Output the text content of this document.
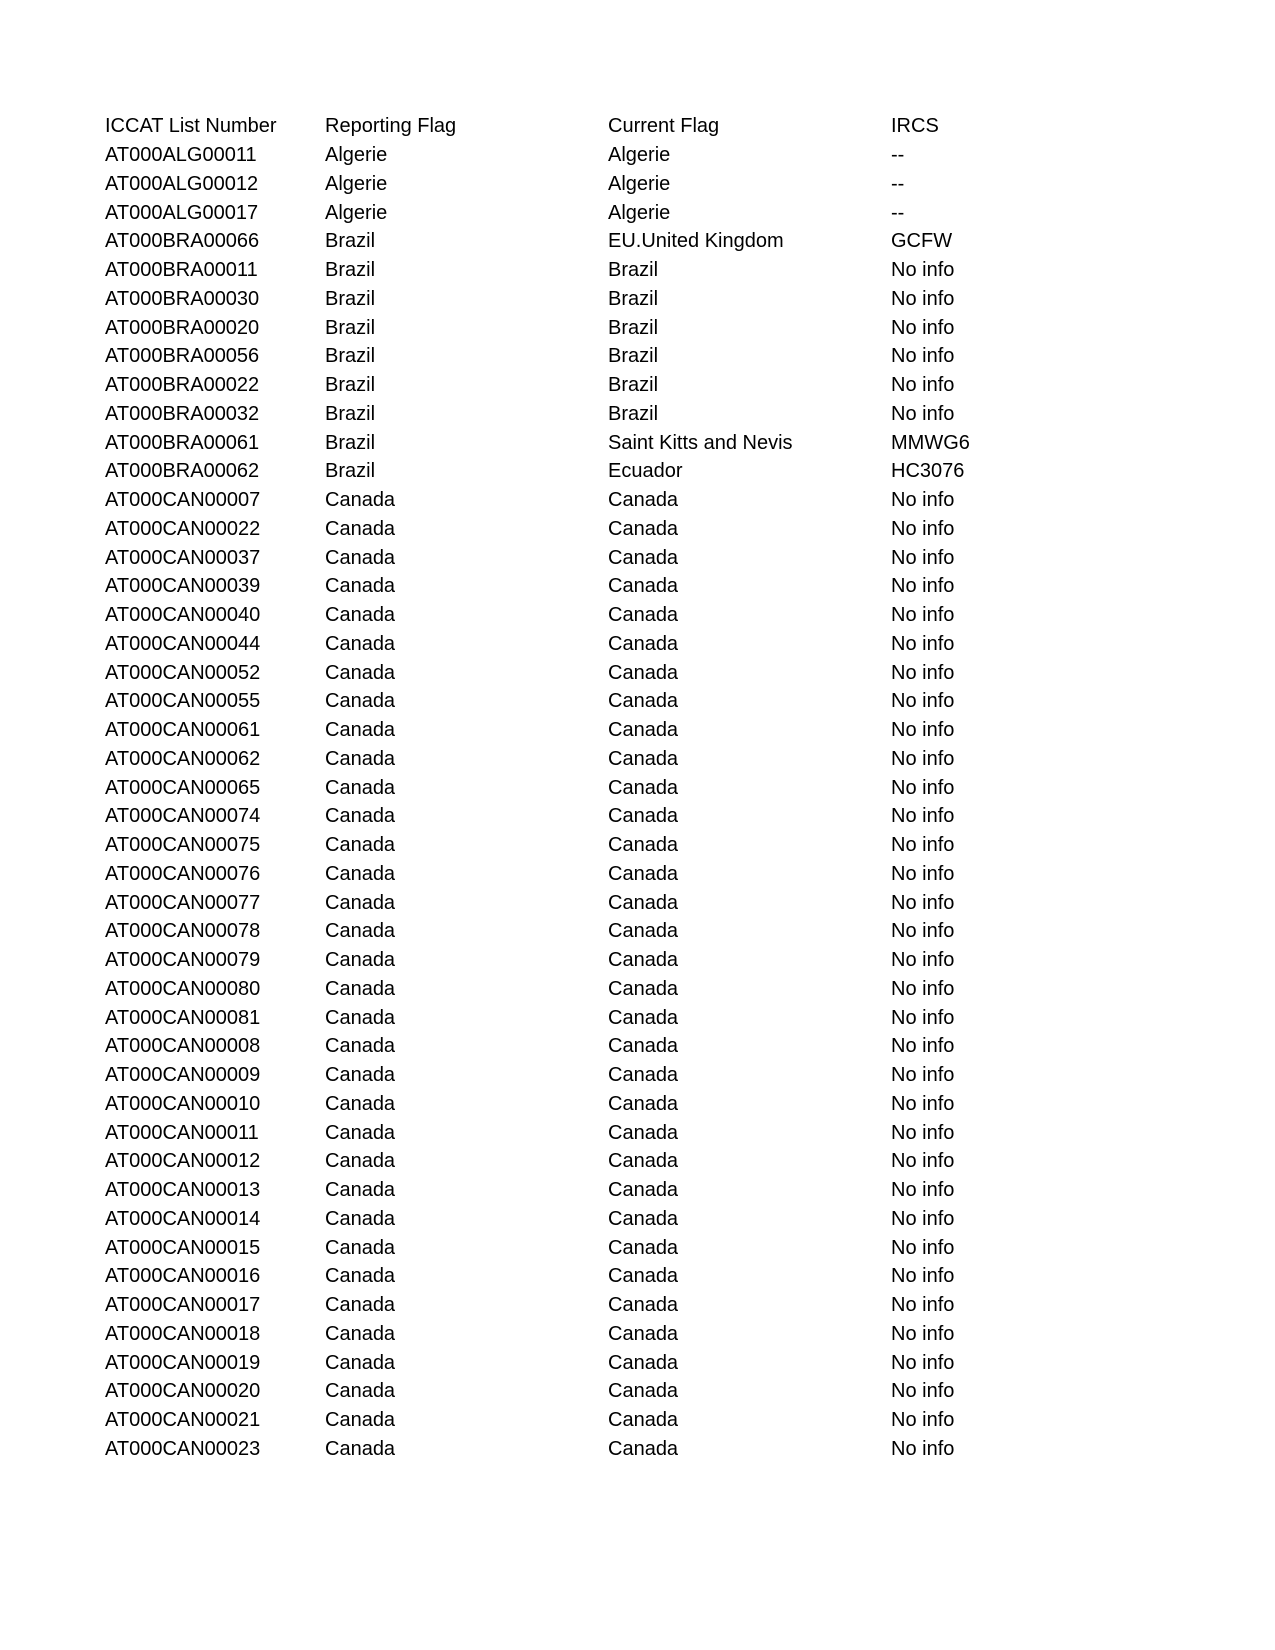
ICCAT List Number	Reporting Flag	Current Flag	IRCS
AT000ALG00011	Algerie	Algerie	--
AT000ALG00012	Algerie	Algerie	--
AT000ALG00017	Algerie	Algerie	--
AT000BRA00066	Brazil	EU.United Kingdom	GCFW
AT000BRA00011	Brazil	Brazil	No info
AT000BRA00030	Brazil	Brazil	No info
AT000BRA00020	Brazil	Brazil	No info
AT000BRA00056	Brazil	Brazil	No info
AT000BRA00022	Brazil	Brazil	No info
AT000BRA00032	Brazil	Brazil	No info
AT000BRA00061	Brazil	Saint Kitts and Nevis	MMWG6
AT000BRA00062	Brazil	Ecuador	HC3076
AT000CAN00007	Canada	Canada	No info
AT000CAN00022	Canada	Canada	No info
AT000CAN00037	Canada	Canada	No info
AT000CAN00039	Canada	Canada	No info
AT000CAN00040	Canada	Canada	No info
AT000CAN00044	Canada	Canada	No info
AT000CAN00052	Canada	Canada	No info
AT000CAN00055	Canada	Canada	No info
AT000CAN00061	Canada	Canada	No info
AT000CAN00062	Canada	Canada	No info
AT000CAN00065	Canada	Canada	No info
AT000CAN00074	Canada	Canada	No info
AT000CAN00075	Canada	Canada	No info
AT000CAN00076	Canada	Canada	No info
AT000CAN00077	Canada	Canada	No info
AT000CAN00078	Canada	Canada	No info
AT000CAN00079	Canada	Canada	No info
AT000CAN00080	Canada	Canada	No info
AT000CAN00081	Canada	Canada	No info
AT000CAN00008	Canada	Canada	No info
AT000CAN00009	Canada	Canada	No info
AT000CAN00010	Canada	Canada	No info
AT000CAN00011	Canada	Canada	No info
AT000CAN00012	Canada	Canada	No info
AT000CAN00013	Canada	Canada	No info
AT000CAN00014	Canada	Canada	No info
AT000CAN00015	Canada	Canada	No info
AT000CAN00016	Canada	Canada	No info
AT000CAN00017	Canada	Canada	No info
AT000CAN00018	Canada	Canada	No info
AT000CAN00019	Canada	Canada	No info
AT000CAN00020	Canada	Canada	No info
AT000CAN00021	Canada	Canada	No info
AT000CAN00023	Canada	Canada	No info
